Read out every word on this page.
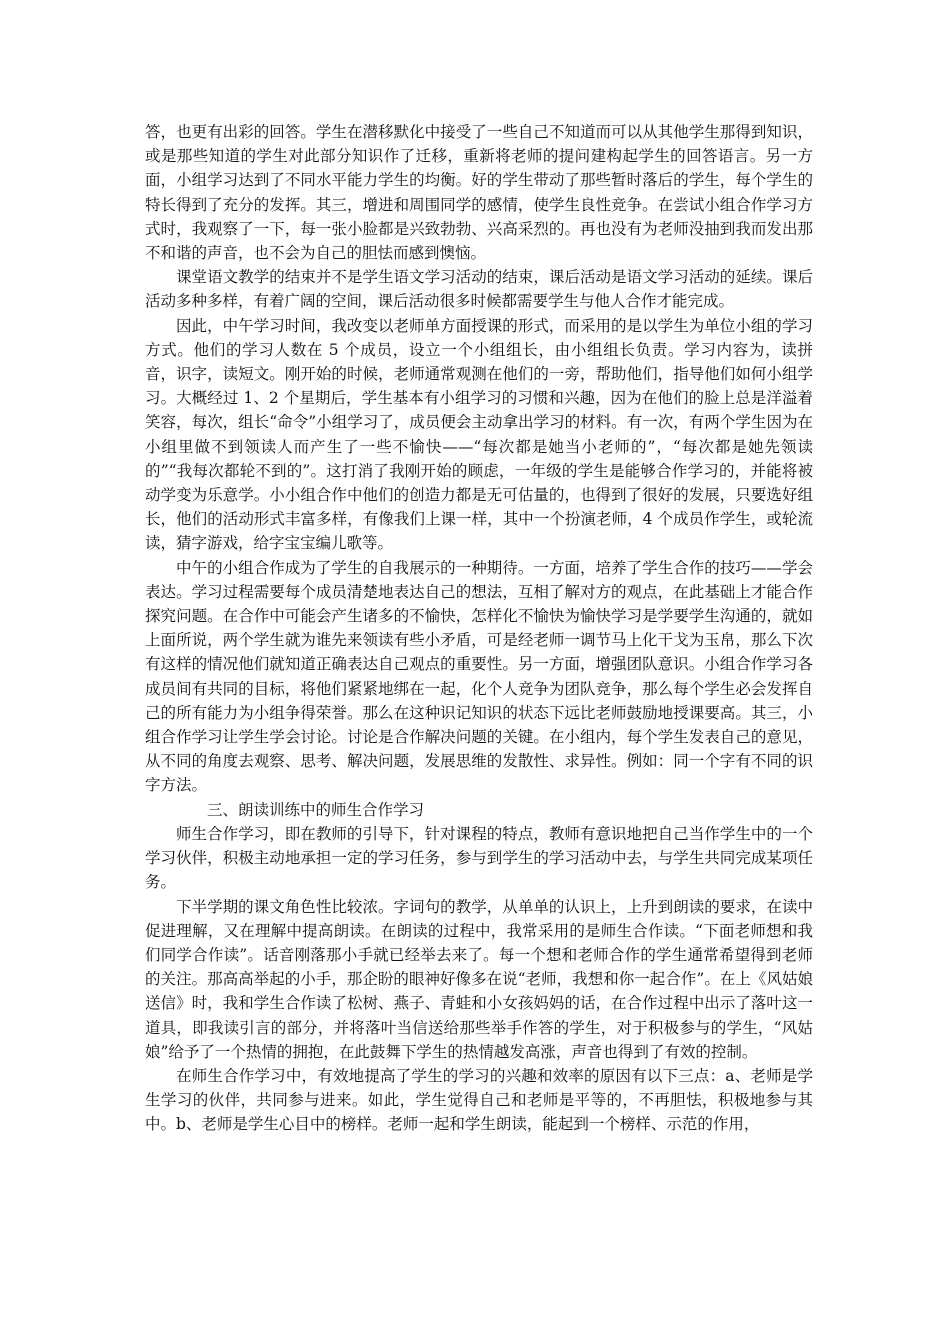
答，也更有出彩的回答。学生在潜移默化中接受了一些自己不知道而可以从其他学生那得到知识，或是那些知道的学生对此部分知识作了迁移，重新将老师的提问建构起学生的回答语言。另一方面，小组学习达到了不同水平能力学生的均衡。好的学生带动了那些暂时落后的学生，每个学生的特长得到了充分的发挥。其三，增进和周围同学的感情，使学生良性竞争。在尝试小组合作学习方式时，我观察了一下，每一张小脸都是兴致勃勃、兴高采烈的。再也没有为老师没抽到我而发出那不和谐的声音，也不会为自己的胆怯而感到懊恼。

课堂语文教学的结束并不是学生语文学习活动的结束，课后活动是语文学习活动的延续。课后活动多种多样，有着广阔的空间，课后活动很多时候都需要学生与他人合作才能完成。

因此，中午学习时间，我改变以老师单方面授课的形式，而采用的是以学生为单位小组的学习方式。他们的学习人数在 5 个成员，设立一个小组组长，由小组组长负责。学习内容为，读拼音，识字，读短文。刚开始的时候，老师通常观测在他们的一旁，帮助他们，指导他们如何小组学习。大概经过 1、2 个星期后，学生基本有小组学习的习惯和兴趣，因为在他们的脸上总是洋溢着笑容，每次，组长“命令”小组学习了，成员便会主动拿出学习的材料。有一次，有两个学生因为在小组里做不到领读人而产生了一些不愉快——“每次都是她当小老师的”，“每次都是她先领读的”“我每次都轮不到的”。这打消了我刚开始的顾虑，一年级的学生是能够合作学习的，并能将被动学变为乐意学。小小组合作中他们的创造力都是无可估量的，也得到了很好的发展，只要选好组长，他们的活动形式丰富多样，有像我们上课一样，其中一个扮演老师，4 个成员作学生，或轮流读，猜字游戏，给字宝宝编儿歌等。

中午的小组合作成为了学生的自我展示的一种期待。一方面，培养了学生合作的技巧——学会表达。学习过程需要每个成员清楚地表达自己的想法，互相了解对方的观点，在此基础上才能合作探究问题。在合作中可能会产生诸多的不愉快，怎样化不愉快为愉快学习是学要学生沟通的，就如上面所说，两个学生就为谁先来领读有些小矛盾，可是经老师一调节马上化干戈为玉帛，那么下次有这样的情况他们就知道正确表达自己观点的重要性。另一方面，增强团队意识。小组合作学习各成员间有共同的目标，将他们紧紧地绑在一起，化个人竞争为团队竞争，那么每个学生必会发挥自己的所有能力为小组争得荣誉。那么在这种识记知识的状态下远比老师鼓励地授课要高。其三，小组合作学习让学生学会讨论。讨论是合作解决问题的关键。在小组内，每个学生发表自己的意见，从不同的角度去观察、思考、解决问题，发展思维的发散性、求异性。例如：同一个字有不同的识字方法。

三、朗读训练中的师生合作学习

师生合作学习，即在教师的引导下，针对课程的特点，教师有意识地把自己当作学生中的一个学习伙伴，积极主动地承担一定的学习任务，参与到学生的学习活动中去，与学生共同完成某项任务。

下半学期的课文角色性比较浓。字词句的教学，从单单的认识上，上升到朗读的要求，在读中促进理解，又在理解中提高朗读。在朗读的过程中，我常采用的是师生合作读。“下面老师想和我们同学合作读”。话音刚落那小手就已经举去来了。每一个想和老师合作的学生通常希望得到老师的关注。那高高举起的小手，那企盼的眼神好像多在说“老师，我想和你一起合作”。在上《风姑娘送信》时，我和学生合作读了松树、燕子、青蛙和小女孩妈妈的话，在合作过程中出示了落叶这一道具，即我读引言的部分，并将落叶当信送给那些举手作答的学生，对于积极参与的学生，“风姑娘”给予了一个热情的拥抱，在此鼓舞下学生的热情越发高涨，声音也得到了有效的控制。

在师生合作学习中，有效地提高了学生的学习的兴趣和效率的原因有以下三点：a、老师是学生学习的伙伴，共同参与进来。如此，学生觉得自己和老师是平等的，不再胆怯，积极地参与其中。b、老师是学生心目中的榜样。老师一起和学生朗读，能起到一个榜样、示范的作用，
